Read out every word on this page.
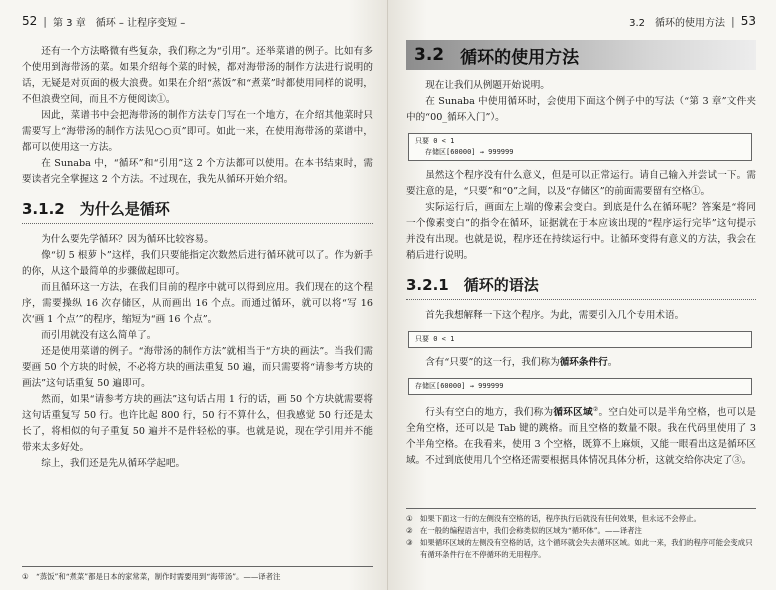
52 | 第 3 章　循环 – 让程序变短 –

还有一个方法略微有些复杂，我们称之为“引用”。还举菜谱的例子。比如有多个使用到海带汤的菜。如果介绍每个菜的时候，都对海带汤的制作方法进行说明的话，无疑是对页面的极大浪费。如果在介绍“蒸饭”和“煮菜”时都使用同样的说明，不但浪费空间，而且不方便阅读①。

因此，菜谱书中会把海带汤的制作方法专门写在一个地方，在介绍其他菜时只需要写上“海带汤的制作方法见○○页”即可。如此一来，在使用海带汤的菜谱中，都可以使用这一方法。

在 Sunaba 中，“循环”和“引用”这 2 个方法都可以使用。在本书结束时，需要读者完全掌握这 2 个方法。不过现在，我先从循环开始介绍。

3.1.2　为什么是循环

为什么要先学循环？因为循环比较容易。

像“切 5 根萝卜”这样，我们只要能指定次数然后进行循环就可以了。作为新手的你，从这个最简单的步骤做起即可。

而且循环这一方法，在我们目前的程序中就可以得到应用。我们现在的这个程序，需要操纵 16 次存储区，从而画出 16 个点。而通过循环，就可以将“写 16 次‘画 1 个点’”的程序，缩短为“画 16 个点”。

而引用就没有这么简单了。

还是使用菜谱的例子。“海带汤的制作方法”就相当于“方块的画法”。当我们需要画 50 个方块的时候，不必将方块的画法重复 50 遍，而只需要将“请参考方块的画法”这句话重复 50 遍即可。

然而，如果“请参考方块的画法”这句话占用 1 行的话，画 50 个方块就需要将这句话重复写 50 行。也许比起 800 行，50 行不算什么，但我感觉 50 行还是太长了，将相似的句子重复 50 遍并不是件轻松的事。也就是说，现在学引用并不能带来太多好处。

综上，我们还是先从循环学起吧。

① “蒸饭”和“煮菜”都是日本的家常菜，制作时需要用到“海带汤”。——译者注
3.2　循环的使用方法 | 53
3.2 循环的使用方法

现在让我们从例题开始说明。

在 Sunaba 中使用循环时，会使用下面这个例子中的写法（“第 3 章”文件夹中的“00_循环入门”）。

只要 0 < 1
存储区[60000] → 999999

虽然这个程序没有什么意义，但是可以正常运行。请自己输入并尝试一下。需要注意的是，“只要”和“0”之间，以及“存储区”的前面需要留有空格①。

实际运行后，画面左上端的像素会变白。到底是什么在循环呢？答案是“将同一个像素变白”的指令在循环，证据就在于本应该出现的“程序运行完毕”这句提示并没有出现。也就是说，程序还在持续运行中。让循环变得有意义的方法，我会在稍后进行说明。

3.2.1　循环的语法

首先我想解释一下这个程序。为此，需要引入几个专用术语。

只要 0 < 1

含有“只要”的这一行，我们称为循环条件行。

存储区[60000] → 999999

行头有空白的地方，我们称为循环区域②。空白处可以是半角空格，也可以是全角空格，还可以是 Tab 键的跳格。而且空格的数量不限。我在代码里使用了 3 个半角空格。在我看来，使用 3 个空格，既算不上麻烦，又能一眼看出这是循环区域。不过到底使用几个空格还需要根据具体情况具体分析，这就交给你决定了③。

① 如果下面这一行的左侧没有空格的话，程序执行后就没有任何效果，但永远不会停止。
② 在一般的编程语言中，我们会称类似的区域为“循环体”。——译者注
③ 如果循环区域的左侧没有空格的话，这个循环就会失去循环区域。如此一来，我们的程序可能会变成只有循环条件行在不停循环的无用程序。
